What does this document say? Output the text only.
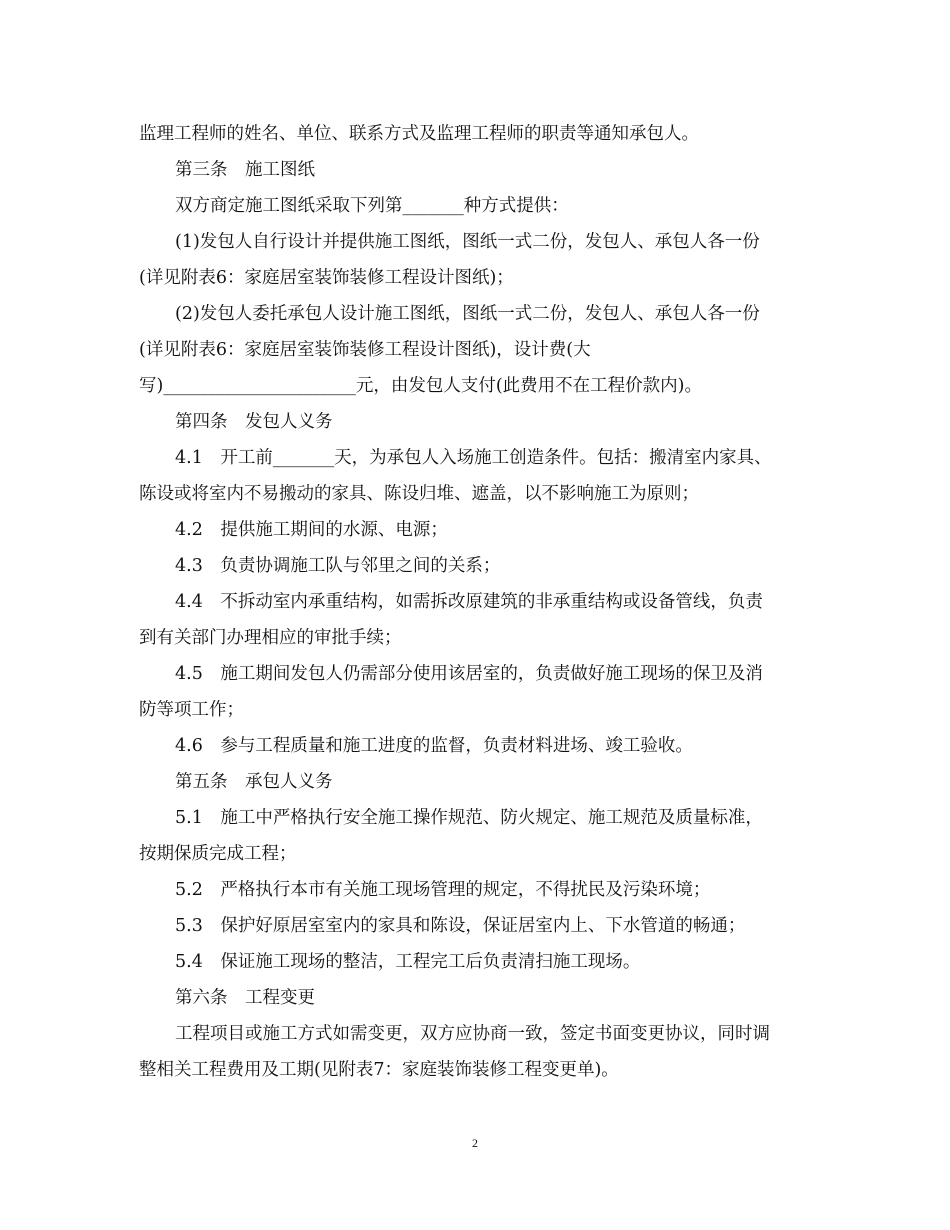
监理工程师的姓名、单位、联系方式及监理工程师的职责等通知承包人。
第三条　施工图纸
双方商定施工图纸采取下列第_______种方式提供：
(1)发包人自行设计并提供施工图纸，图纸一式二份，发包人、承包人各一份
(详见附表6：家庭居室装饰装修工程设计图纸)；
(2)发包人委托承包人设计施工图纸，图纸一式二份，发包人、承包人各一份
(详见附表6：家庭居室装饰装修工程设计图纸)，设计费(大
写)______________________元，由发包人支付(此费用不在工程价款内)。
第四条　发包人义务
4.1　开工前_______天，为承包人入场施工创造条件。包括：搬清室内家具、
陈设或将室内不易搬动的家具、陈设归堆、遮盖，以不影响施工为原则；
4.2　提供施工期间的水源、电源；
4.3　负责协调施工队与邻里之间的关系；
4.4　不拆动室内承重结构，如需拆改原建筑的非承重结构或设备管线，负责
到有关部门办理相应的审批手续；
4.5　施工期间发包人仍需部分使用该居室的，负责做好施工现场的保卫及消
防等项工作；
4.6　参与工程质量和施工进度的监督，负责材料进场、竣工验收。
第五条　承包人义务
5.1　施工中严格执行安全施工操作规范、防火规定、施工规范及质量标准，
按期保质完成工程；
5.2　严格执行本市有关施工现场管理的规定，不得扰民及污染环境；
5.3　保护好原居室室内的家具和陈设，保证居室内上、下水管道的畅通；
5.4　保证施工现场的整洁，工程完工后负责清扫施工现场。
第六条　工程变更
工程项目或施工方式如需变更，双方应协商一致，签定书面变更协议，同时调
整相关工程费用及工期(见附表7：家庭装饰装修工程变更单)。
2
